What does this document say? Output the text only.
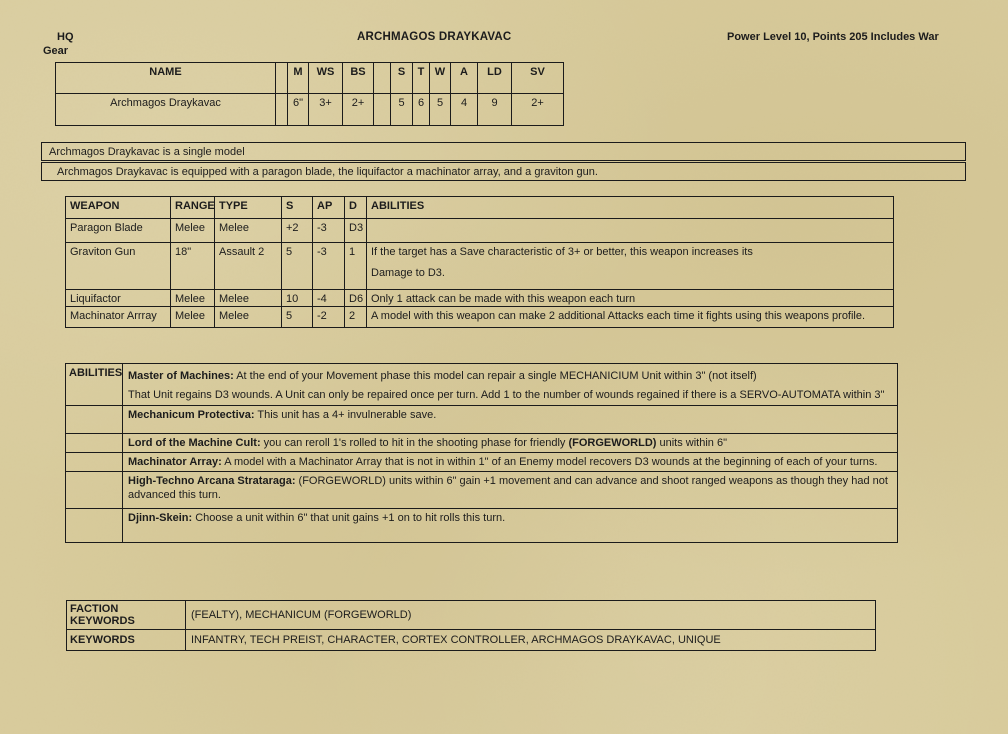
HQ
Gear
ARCHMAGOS DRAYKAVAC	Power Level 10, Points 205 Includes War
NAME		M	WS	BS		S	T	W	A	LD	SV
Archmagos Draykavac		6"	3+	2+		5	6	5	4	9	2+
Archmagos Draykavac is a single model
Archmagos Draykavac is equipped with a paragon blade, the liquifactor a machinator array, and a graviton gun.
WEAPON	RANGE	TYPE	S	AP	D	ABILITIES
Paragon Blade	Melee	Melee	+2	-3	D3	
Graviton Gun	18"	Assault 2	5	-3	1	If the target has a Save characteristic of 3+ or better, this weapon increases its
Damage to D3.

Liquifactor	Melee	Melee	10	-4	D6	Only 1 attack can be made with this weapon each turn
Machinator Arrray	Melee	Melee	5	-2	2	A model with this weapon can make 2 additional Attacks each time it fights using this weapons profile.
ABILITIES	Master of Machines: At the end of your Movement phase this model can repair a single MECHANICIUM Unit within 3" (not itself)
That Unit regains D3 wounds. A Unit can only be repaired once per turn. Add 1 to the number of wounds regained if there is a SERVO-AUTOMATA within 3"

	Mechanicum Protectiva: This unit has a 4+ invulnerable save.
	Lord of the Machine Cult: you can reroll 1's rolled to hit in the shooting phase for friendly (FORGEWORLD) units within 6"
	Machinator Array: A model with a Machinator Array that is not in within 1" of an Enemy model recovers D3 wounds at the beginning of each of your turns.
	High-Techno Arcana Strataraga: (FORGEWORLD) units within 6" gain +1 movement and can advance and shoot ranged weapons as though they had not
advanced this turn.

	Djinn-Skein: Choose a unit within 6" that unit gains +1 on to hit rolls this turn.
FACTION KEYWORDS	(FEALTY), MECHANICUM (FORGEWORLD)
KEYWORDS	INFANTRY, TECH PREIST, CHARACTER, CORTEX CONTROLLER, ARCHMAGOS DRAYKAVAC, UNIQUE
